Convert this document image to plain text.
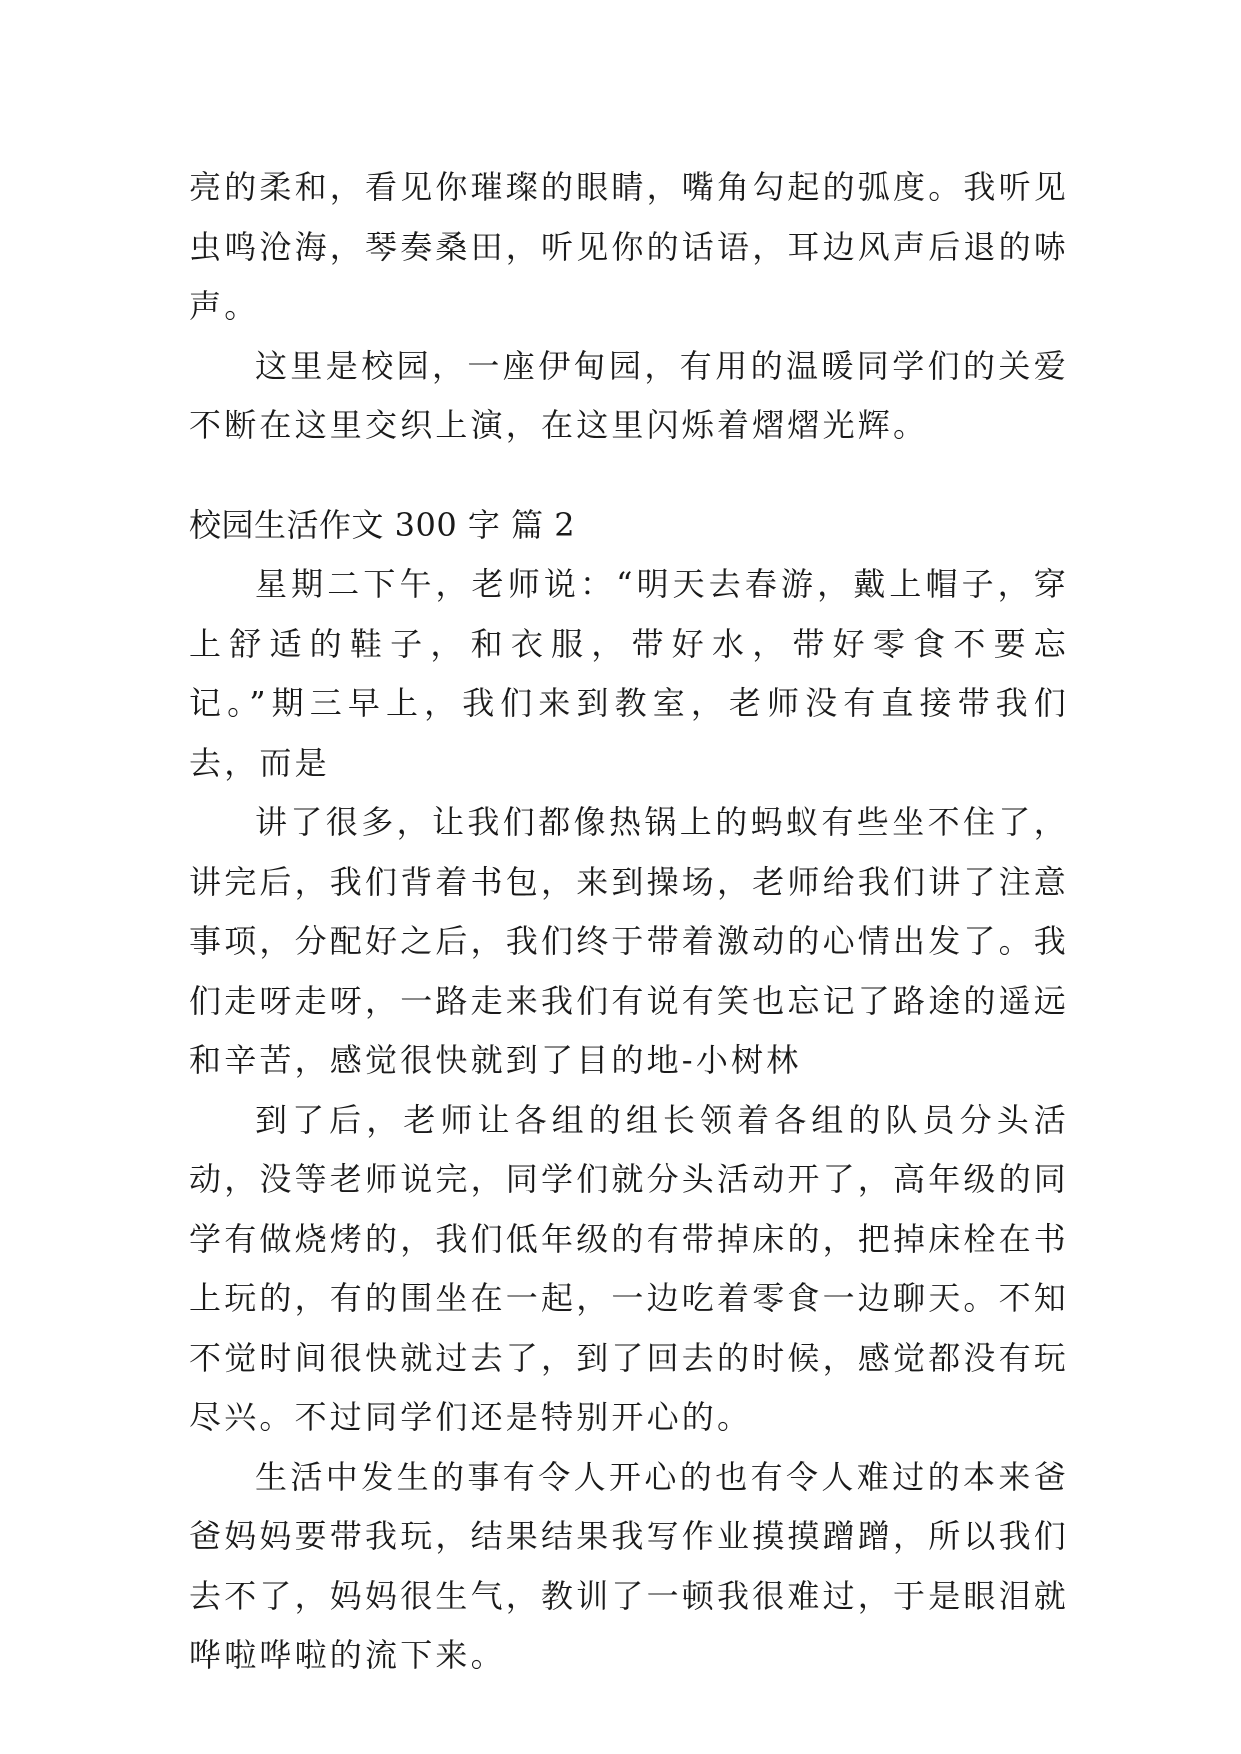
亮的柔和，看见你璀璨的眼睛，嘴角勾起的弧度。我听见虫鸣沧海，琴奏桑田，听见你的话语，耳边风声后退的哧声。

这里是校园，一座伊甸园，有用的温暖同学们的关爱不断在这里交织上演，在这里闪烁着熠熠光辉。

校园生活作文 300 字 篇 2

星期二下午，老师说：“明天去春游，戴上帽子，穿上舒适的鞋子，和衣服，带好水，带好零食不要忘记。”期三早上，我们来到教室，老师没有直接带我们去，而是

讲了很多，让我们都像热锅上的蚂蚁有些坐不住了，讲完后，我们背着书包，来到操场，老师给我们讲了注意事项，分配好之后，我们终于带着激动的心情出发了。我们走呀走呀，一路走来我们有说有笑也忘记了路途的遥远和辛苦，感觉很快就到了目的地-小树林

到了后，老师让各组的组长领着各组的队员分头活动，没等老师说完，同学们就分头活动开了，高年级的同学有做烧烤的，我们低年级的有带掉床的，把掉床栓在书上玩的，有的围坐在一起，一边吃着零食一边聊天。不知不觉时间很快就过去了，到了回去的时候，感觉都没有玩尽兴。不过同学们还是特别开心的。

生活中发生的事有令人开心的也有令人难过的本来爸爸妈妈要带我玩，结果结果我写作业摸摸蹭蹭，所以我们去不了，妈妈很生气，教训了一顿我很难过，于是眼泪就哗啦哗啦的流下来。
